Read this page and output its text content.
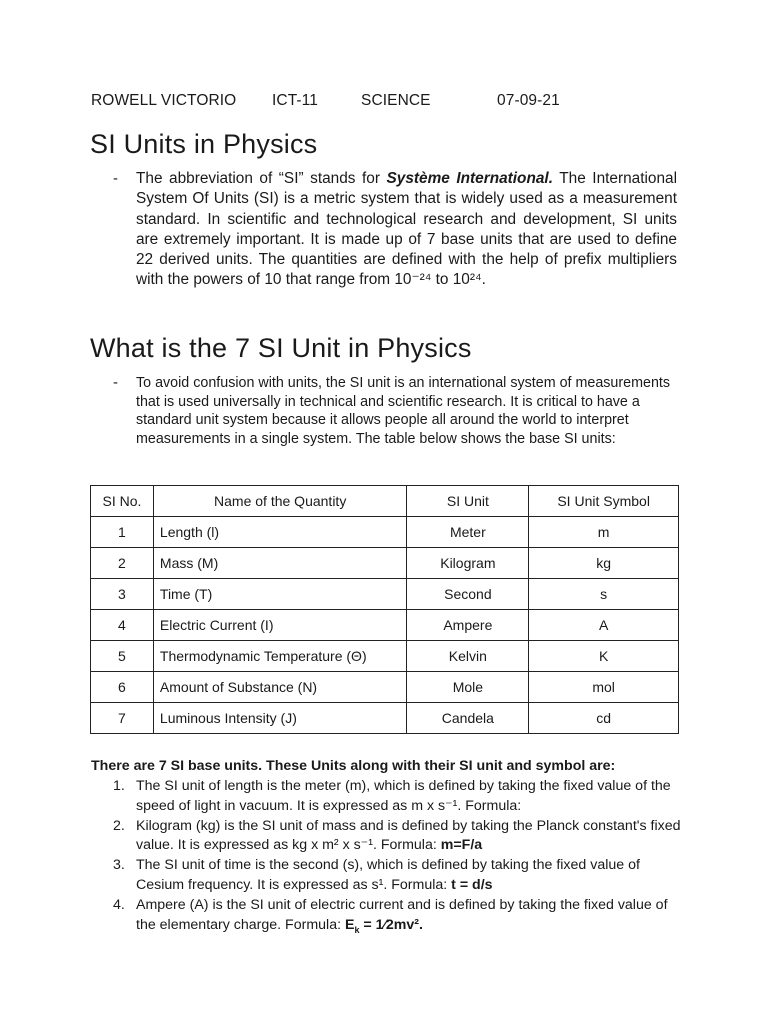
ROWELL VICTORIO ICT-11	SCIENCE	07-09-21
SI Units in Physics
- The abbreviation of “SI” stands for Système International. The International System Of Units (SI) is a metric system that is widely used as a measurement standard. In scientific and technological research and development, SI units are extremely important. It is made up of 7 base units that are used to define 22 derived units. The quantities are defined with the help of prefix multipliers with the powers of 10 that range from 10⁻²⁴ to 10²⁴.

What is the 7 SI Unit in Physics
- To avoid confusion with units, the SI unit is an international system of measurements that is used universally in technical and scientific research. It is critical to have a standard unit system because it allows people all around the world to interpret measurements in a single system. The table below shows the base SI units:

SI No.	Name of the Quantity	SI Unit	SI Unit Symbol
1	Length (l)	Meter	m
2	Mass (M)	Kilogram	kg
3	Time (T)	Second	s
4	Electric Current (I)	Ampere	A
5	Thermodynamic Temperature (Θ)	Kelvin	K
6	Amount of Substance (N)	Mole	mol
7	Luminous Intensity (J)	Candela	cd
There are 7 SI base units. These Units along with their SI unit and symbol are:
1. The SI unit of length is the meter (m), which is defined by taking the fixed value of the speed of light in vacuum. It is expressed as m x s⁻¹. Formula:
2. Kilogram (kg) is the SI unit of mass and is defined by taking the Planck constant's fixed value. It is expressed as kg x m² x s⁻¹. Formula: m=F/a
3. The SI unit of time is the second (s), which is defined by taking the fixed value of Cesium frequency. It is expressed as s¹. Formula: t = d/s
4. Ampere (A) is the SI unit of electric current and is defined by taking the fixed value of the elementary charge. Formula: $E_k$ = 1⁄2mv².
